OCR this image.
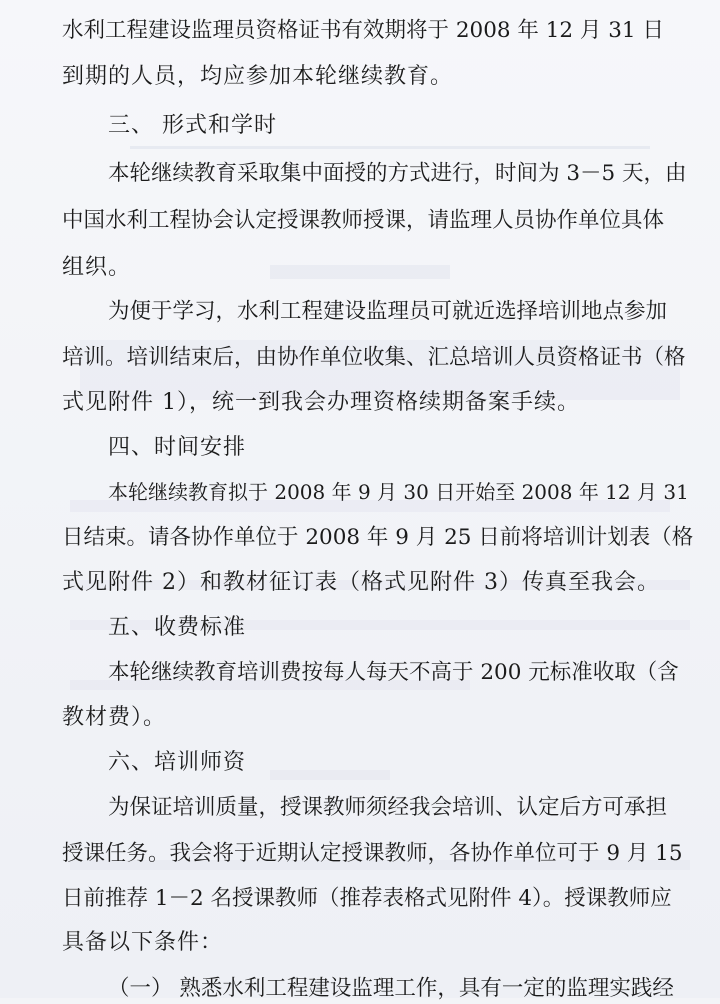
水利工程建设监理员资格证书有效期将于 2008 年 12 月 31 日
到期的人员，均应参加本轮继续教育。
三、 形式和学时
本轮继续教育采取集中面授的方式进行，时间为 3－5 天，由
中国水利工程协会认定授课教师授课，请监理人员协作单位具体
组织。
为便于学习，水利工程建设监理员可就近选择培训地点参加
培训。培训结束后，由协作单位收集、汇总培训人员资格证书（格
式见附件 1），统一到我会办理资格续期备案手续。
四、时间安排
本轮继续教育拟于 2008 年 9 月 30 日开始至 2008 年 12 月 31
日结束。请各协作单位于 2008 年 9 月 25 日前将培训计划表（格
式见附件 2）和教材征订表（格式见附件 3）传真至我会。
五、收费标准
本轮继续教育培训费按每人每天不高于 200 元标准收取（含
教材费）。
六、培训师资
为保证培训质量，授课教师须经我会培训、认定后方可承担
授课任务。我会将于近期认定授课教师，各协作单位可于 9 月 15
日前推荐 1－2 名授课教师（推荐表格式见附件 4）。授课教师应
具备以下条件：
（一） 熟悉水利工程建设监理工作，具有一定的监理实践经
